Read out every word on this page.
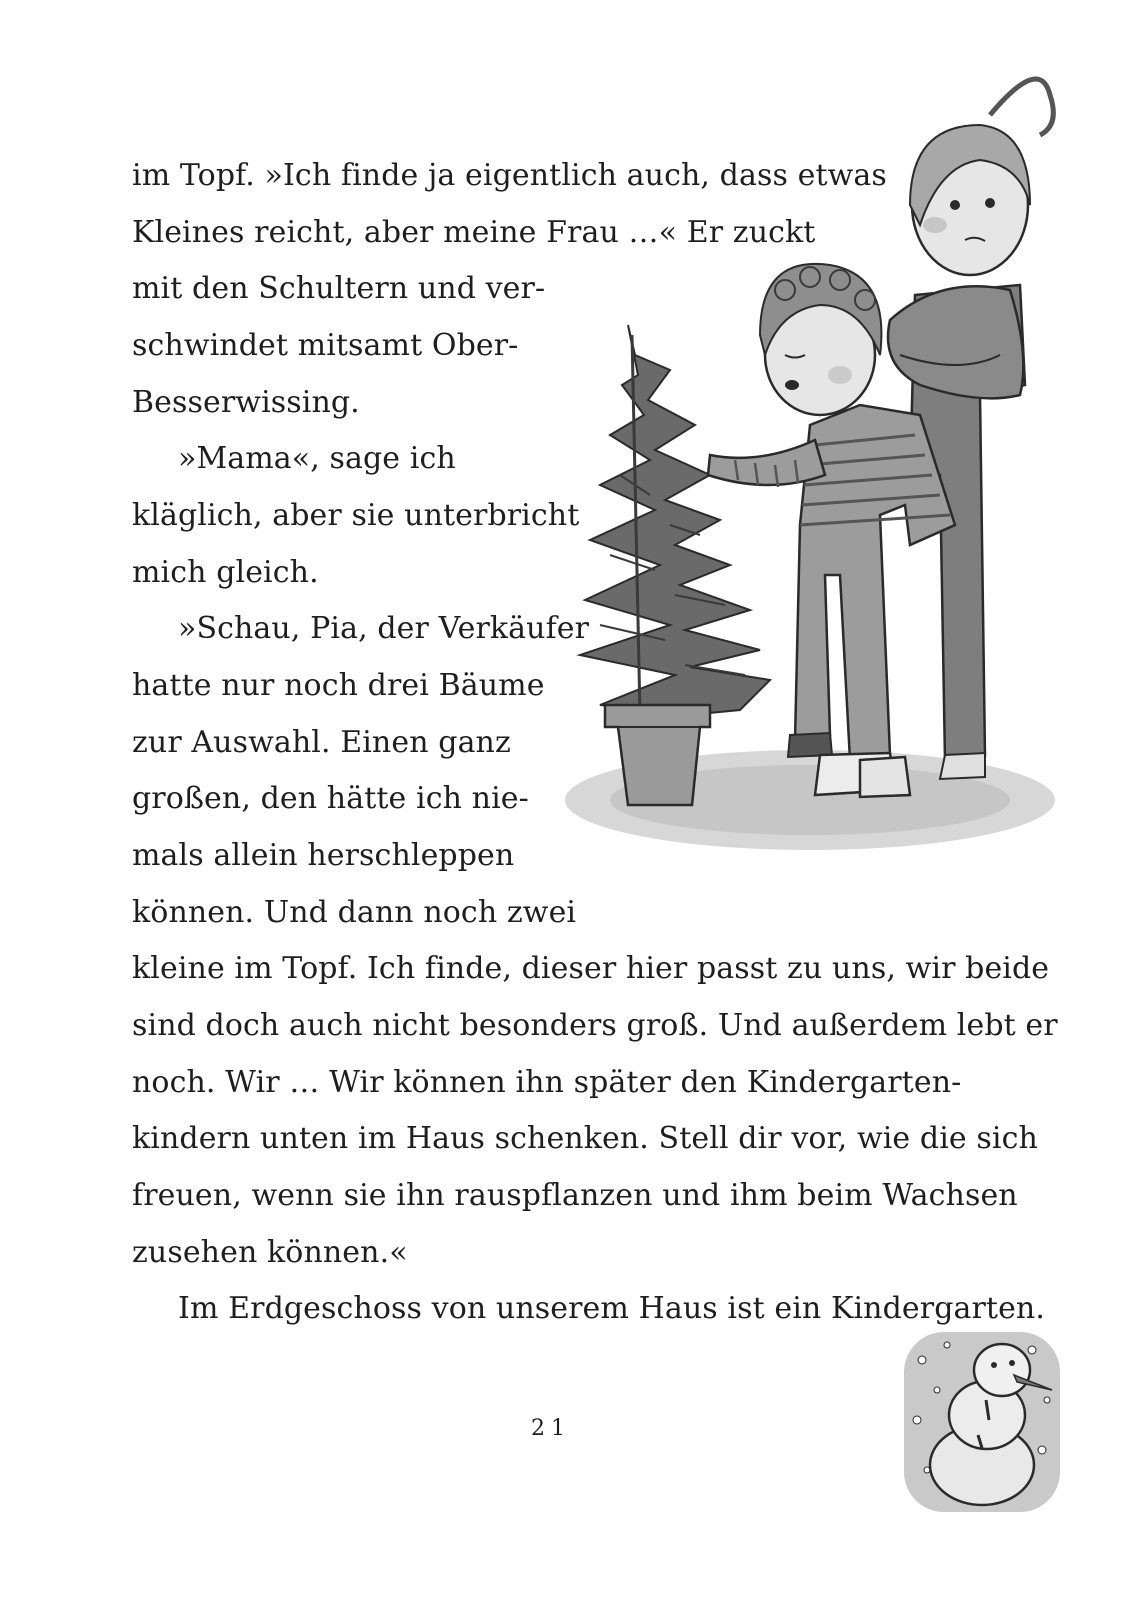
im Topf. »Ich finde ja eigentlich auch, dass etwas
Kleines reicht, aber meine Frau …« Er zuckt
mit den Schultern und ver-
schwindet mitsamt Ober-
Besserwissing.
»Mama«, sage ich
kläglich, aber sie unterbricht
mich gleich.
»Schau, Pia, der Verkäufer
hatte nur noch drei Bäume
zur Auswahl. Einen ganz
großen, den hätte ich nie-
mals allein herschleppen
können. Und dann noch zwei
kleine im Topf. Ich finde, dieser hier passt zu uns, wir beide
sind doch auch nicht besonders groß. Und außerdem lebt er
noch. Wir … Wir können ihn später den Kindergarten-
kindern unten im Haus schenken. Stell dir vor, wie die sich
freuen, wenn sie ihn rauspflanzen und ihm beim Wachsen
zusehen können.«
Im Erdgeschoss von unserem Haus ist ein Kindergarten.
21
